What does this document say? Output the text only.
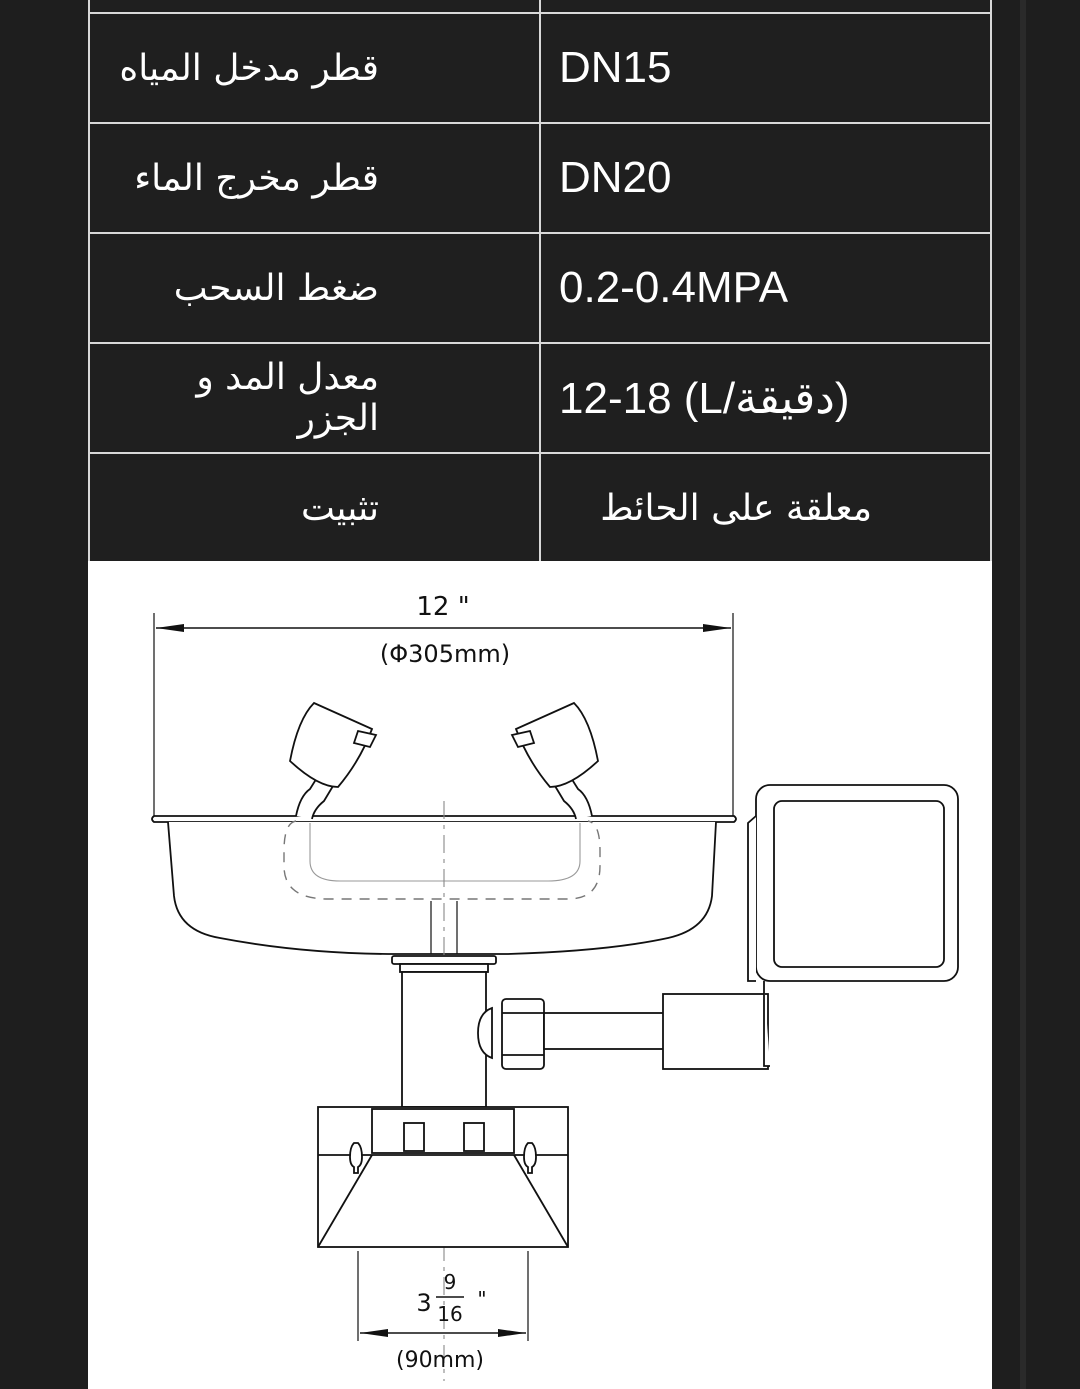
قطر مدخل المياه	DN15
قطر مخرج الماء	DN20
ضغط السحب	0.2-0.4MPA
معدل المد و الجزر	12-18 (L/دقيقة)
تثبيت	معلقة على الحائط
12 "
(Φ305mm)
3
9
16
"
(90mm)
